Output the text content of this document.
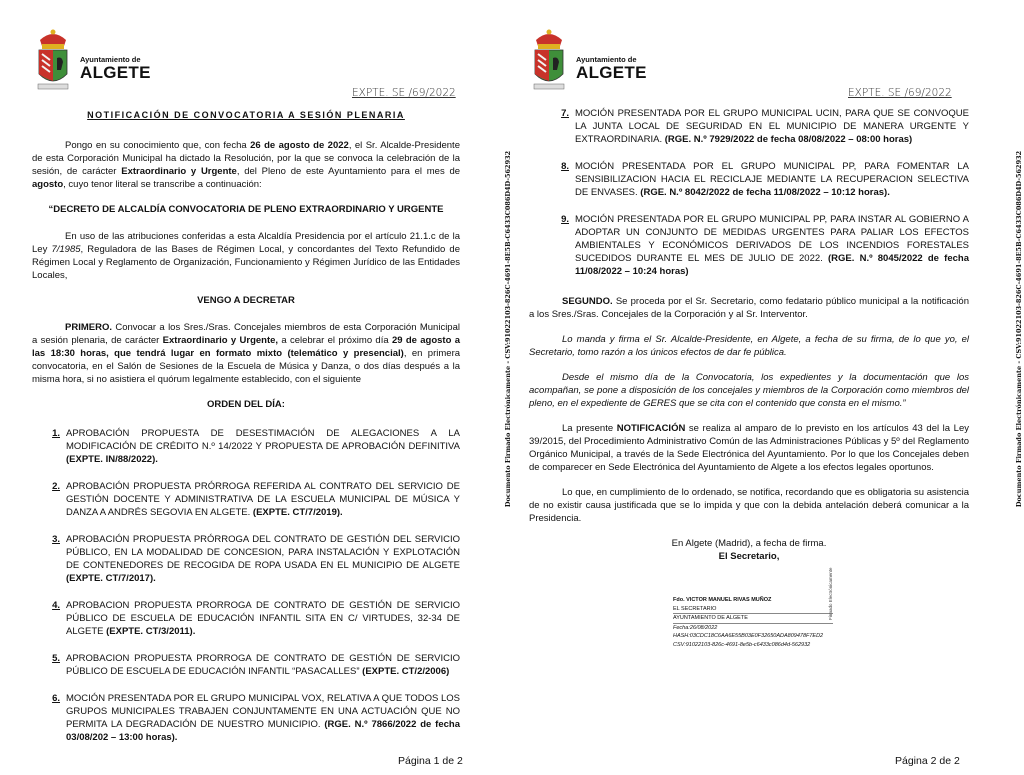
Ayuntamiento de
ALGETE
EXPTE. SE /69/2022
NOTIFICACIÓN DE CONVOCATORIA A SESIÓN PLENARIA

Pongo en su conocimiento que, con fecha 26 de agosto de 2022, el Sr. Alcalde-Presidente de esta Corporación Municipal ha dictado la Resolución, por la que se convoca la celebración de la sesión, de carácter Extraordinario y Urgente, del Pleno de este Ayuntamiento para el mes de agosto, cuyo tenor literal se transcribe a continuación:

“DECRETO DE ALCALDÍA CONVOCATORIA DE PLENO EXTRAORDINARIO Y URGENTE

En uso de las atribuciones conferidas a esta Alcaldía Presidencia por el artículo 21.1.c de la Ley 7/1985, Reguladora de las Bases de Régimen Local, y concordantes del Texto Refundido de Régimen Local y Reglamento de Organización, Funcionamiento y Régimen Jurídico de las Entidades Locales,

VENGO A DECRETAR

PRIMERO. Convocar a los Sres./Sras. Concejales miembros de esta Corporación Municipal a sesión plenaria, de carácter Extraordinario y Urgente, a celebrar el próximo día 29 de agosto a las 18:30 horas, que tendrá lugar en formato mixto (telemático y presencial), en primera convocatoria, en el Salón de Sesiones de la Escuela de Música y Danza, o dos días después a la misma hora, si no asistiera el quórum legalmente establecido, con el siguiente

ORDEN DEL DÍA:

1. APROBACIÓN PROPUESTA DE DESESTIMACIÓN DE ALEGACIONES A LA MODIFICACIÓN DE CRÉDITO N.º 14/2022 Y PROPUESTA DE APROBACIÓN DEFINITIVA (EXPTE. IN/88/2022).
2. APROBACIÓN PROPUESTA PRÓRROGA REFERIDA AL CONTRATO DEL SERVICIO DE GESTIÓN DOCENTE Y ADMINISTRATIVA DE LA ESCUELA MUNICIPAL DE MÚSICA Y DANZA A ANDRÉS SEGOVIA EN ALGETE. (EXPTE. CT/7/2019).
3. APROBACIÓN PROPUESTA PRÓRROGA DEL CONTRATO DE GESTIÓN DEL SERVICIO PÚBLICO, EN LA MODALIDAD DE CONCESION, PARA INSTALACIÓN Y EXPLOTACIÓN DE CONTENEDORES DE RECOGIDA DE ROPA USADA EN EL MUNICIPIO DE ALGETE (EXPTE. CT/7/2017).
4. APROBACION PROPUESTA PRORROGA DE CONTRATO DE GESTIÓN DE SERVICIO PÚBLICO DE ESCUELA DE EDUCACIÓN INFANTIL SITA EN C/ VIRTUDES, 32-34 DE ALGETE (EXPTE. CT/3/2011).
5. APROBACION PROPUESTA PRORROGA DE CONTRATO DE GESTIÓN DE SERVICIO PÚBLICO DE ESCUELA DE EDUCACIÓN INFANTIL “PASACALLES” (EXPTE. CT/2/2006)
6. MOCIÓN PRESENTADA POR EL GRUPO MUNICIPAL VOX, RELATIVA A QUE TODOS LOS GRUPOS MUNICIPALES TRABAJEN CONJUNTAMENTE EN UNA ACTUACIÓN QUE NO PERMITA LA DEGRADACIÓN DE NUESTRO MUNICIPIO. (RGE. N.º 7866/2022 de fecha 03/08/202 – 13:00 horas).
Documento Firmado Electrónicamente - CSV:91022103-826C-4691-8E5B-C6433C086D4D-562932
Página 1 de 2
Ayuntamiento de
ALGETE
EXPTE. SE /69/2022
7. MOCIÓN PRESENTADA POR EL GRUPO MUNICIPAL UCIN, PARA QUE SE CONVOQUE LA JUNTA LOCAL DE SEGURIDAD EN EL MUNICIPIO DE MANERA URGENTE Y EXTRAORDINARIA. (RGE. N.º 7929/2022 de fecha 08/08/2022 – 08:00 horas)
8. MOCIÓN PRESENTADA POR EL GRUPO MUNICIPAL PP, PARA FOMENTAR LA SENSIBILIZACION HACIA EL RECICLAJE MEDIANTE LA RECUPERACION SELECTIVA DE ENVASES. (RGE. N.º 8042/2022 de fecha 11/08/2022 – 10:12 horas).
9. MOCIÓN PRESENTADA POR EL GRUPO MUNICIPAL PP, PARA INSTAR AL GOBIERNO A ADOPTAR UN CONJUNTO DE MEDIDAS URGENTES PARA PALIAR LOS EFECTOS AMBIENTALES Y ECONÓMICOS DERIVADOS DE LOS INCENDIOS FORESTALES SUCEDIDOS DURANTE EL MES DE JULIO DE 2022. (RGE. N.º 8045/2022 de fecha 11/08/2022 – 10:24 horas)

SEGUNDO. Se proceda por el Sr. Secretario, como fedatario público municipal a la notificación a los Sres./Sras. Concejales de la Corporación y al Sr. Interventor.

Lo manda y firma el Sr. Alcalde-Presidente, en Algete, a fecha de su firma, de lo que yo, el Secretario, tomo razón a los únicos efectos de dar fe pública.

Desde el mismo día de la Convocatoria, los expedientes y la documentación que los acompañan, se pone a disposición de los concejales y miembros de la Corporación como miembros del pleno, en el expediente de GERES que se cita con el contenido que consta en el mismo.”

La presente NOTIFICACIÓN se realiza al amparo de lo previsto en los artículos 43 del la Ley 39/2015, del Procedimiento Administrativo Común de las Administraciones Públicas y 5º del Reglamento Orgánico Municipal, a través de la Sede Electrónica del Ayuntamiento. Por lo que los Concejales deben de comparecer en Sede Electrónica del Ayuntamiento de Algete a los efectos legales oportunos.

Lo que, en cumplimiento de lo ordenado, se notifica, recordando que es obligatoria su asistencia de no existir causa justificada que se lo impida y que con la debida antelación deberá comunicar a la Presidencia.

En Algete (Madrid), a fecha de firma.
El Secretario,
Fdo. VICTOR MANUEL RIVAS MUÑOZ
EL SECRETARIO
AYUNTAMIENTO DE ALGETE
Fecha:26/08/2022
HASH:03CDC18C6AA6E55B03E0F32650ADA809478F7ED2
CSV:91022103-826c-4691-8e5b-c6433c086d4d-562932
Firmado Electrónicamente
Documento Firmado Electrónicamente - CSV:91022103-826C-4691-8E5B-C6433C086D4D-562932
Página 2 de 2
